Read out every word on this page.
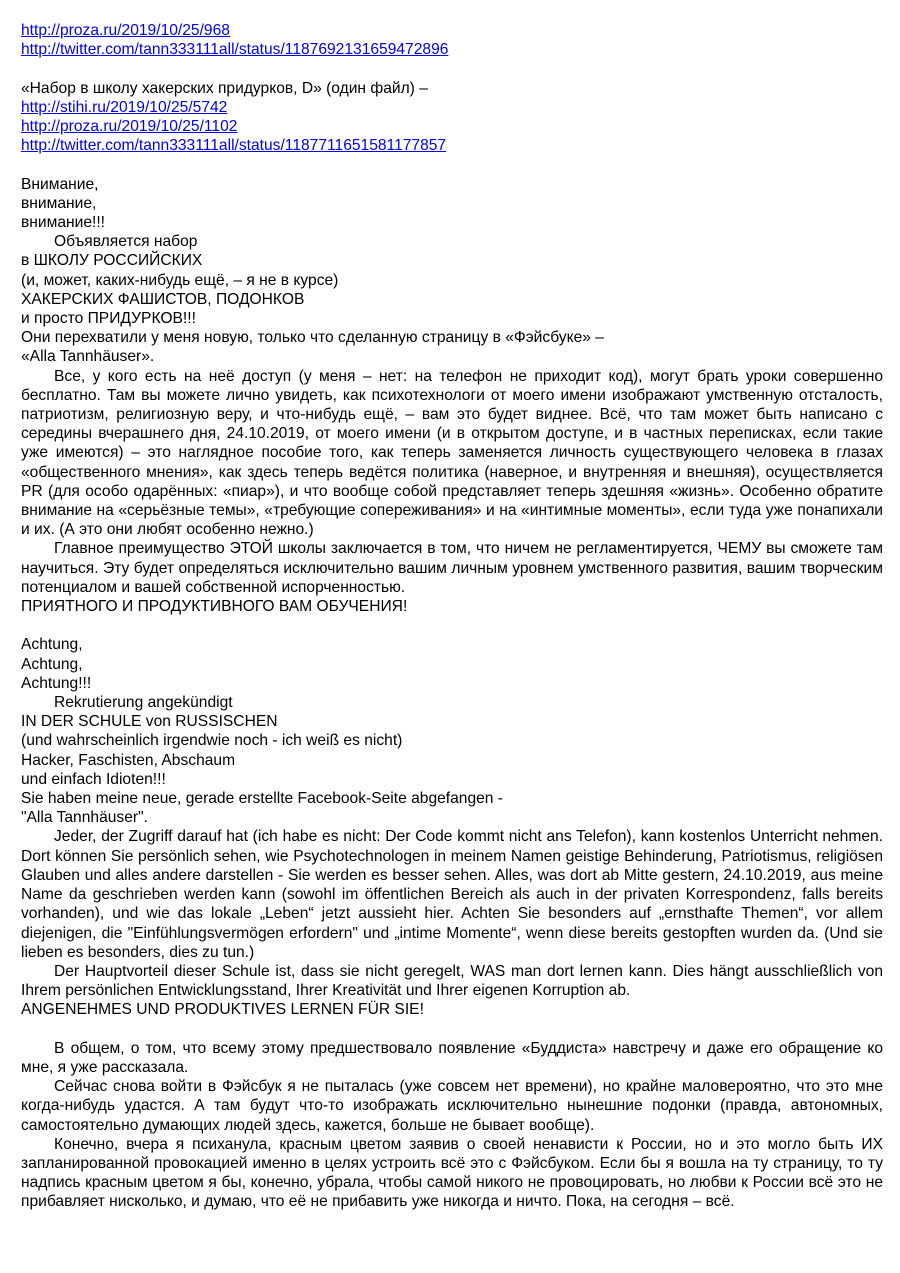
http://proza.ru/2019/10/25/968
http://twitter.com/tann333111all/status/1187692131659472896
«Набор в школу хакерских придурков, D» (один файл) –
http://stihi.ru/2019/10/25/5742
http://proza.ru/2019/10/25/1102
http://twitter.com/tann333111all/status/1187711651581177857
Внимание,
внимание,
внимание!!!
Объявляется набор
в ШКОЛУ РОССИЙСКИХ
(и, может, каких-нибудь ещё, – я не в курсе)
ХАКЕРСКИХ ФАШИСТОВ, ПОДОНКОВ
и просто ПРИДУРКОВ!!!
Они перехватили у меня новую, только что сделанную страницу в «Фэйсбуке» –
«Alla Tannhäuser».
Все, у кого есть на неё доступ (у меня – нет: на телефон не приходит код), могут брать уроки совершенно бесплатно. Там вы можете лично увидеть, как психотехнологи от моего имени изображают умственную отсталость, патриотизм, религиозную веру, и что-нибудь ещё, – вам это будет виднее. Всё, что там может быть написано с середины вчерашнего дня, 24.10.2019, от моего имени (и в открытом доступе, и в частных переписках, если такие уже имеются) – это наглядное пособие того, как теперь заменяется личность существующего человека в глазах «общественного мнения», как здесь теперь ведётся политика (наверное, и внутренняя и внешняя), осуществляется PR (для особо одарённых: «пиар»), и что вообще собой представляет теперь здешняя «жизнь». Особенно обратите внимание на «серьёзные темы», «требующие сопереживания» и на «интимные моменты», если туда уже понапихали и их. (А это они любят особенно нежно.)
Главное преимущество ЭТОЙ школы заключается в том, что ничем не регламентируется, ЧЕМУ вы сможете там научиться. Эту будет определяться исключительно вашим личным уровнем умственного развития, вашим творческим потенциалом и вашей собственной испорченностью.
ПРИЯТНОГО И ПРОДУКТИВНОГО ВАМ ОБУЧЕНИЯ!
Achtung,
Achtung,
Achtung!!!
Rekrutierung angekündigt
IN DER SCHULE von RUSSISCHEN
(und wahrscheinlich irgendwie noch - ich weiß es nicht)
Hacker, Faschisten, Abschaum
und einfach Idioten!!!
Sie haben meine neue, gerade erstellte Facebook-Seite abgefangen -
"Alla Tannhäuser".
Jeder, der Zugriff darauf hat (ich habe es nicht: Der Code kommt nicht ans Telefon), kann kostenlos Unterricht nehmen. Dort können Sie persönlich sehen, wie Psychotechnologen in meinem Namen geistige Behinderung, Patriotismus, religiösen Glauben und alles andere darstellen - Sie werden es besser sehen. Alles, was dort ab Mitte gestern, 24.10.2019, aus meine Name da geschrieben werden kann (sowohl im öffentlichen Bereich als auch in der privaten Korrespondenz, falls bereits vorhanden), und wie das lokale „Leben“ jetzt aussieht hier. Achten Sie besonders auf „ernsthafte Themen“, vor allem diejenigen, die "Einfühlungsvermögen erfordern" und „intime Momente“, wenn diese bereits gestopften wurden da. (Und sie lieben es besonders, dies zu tun.)
Der Hauptvorteil dieser Schule ist, dass sie nicht geregelt, WAS man dort lernen kann. Dies hängt ausschließlich von Ihrem persönlichen Entwicklungsstand, Ihrer Kreativität und Ihrer eigenen Korruption ab.
ANGENEHMES UND PRODUKTIVES LERNEN FÜR SIE!
В общем, о том, что всему этому предшествовало появление «Буддиста» навстречу и даже его обращение ко мне, я уже рассказала.
Сейчас снова войти в Фэйсбук я не пыталась (уже совсем нет времени), но крайне маловероятно, что это мне когда-нибудь удастся. А там будут что-то изображать исключительно нынешние подонки (правда, автономных, самостоятельно думающих людей здесь, кажется, больше не бывает вообще).
Конечно, вчера я психанула, красным цветом заявив о своей ненависти к России, но и это могло быть ИХ запланированной провокацией именно в целях устроить всё это с Фэйсбуком. Если бы я вошла на ту страницу, то ту надпись красным цветом я бы, конечно, убрала, чтобы самой никого не провоцировать, но любви к России всё это не прибавляет нисколько, и думаю, что её не прибавить уже никогда и ничто. Пока, на сегодня – всё.
